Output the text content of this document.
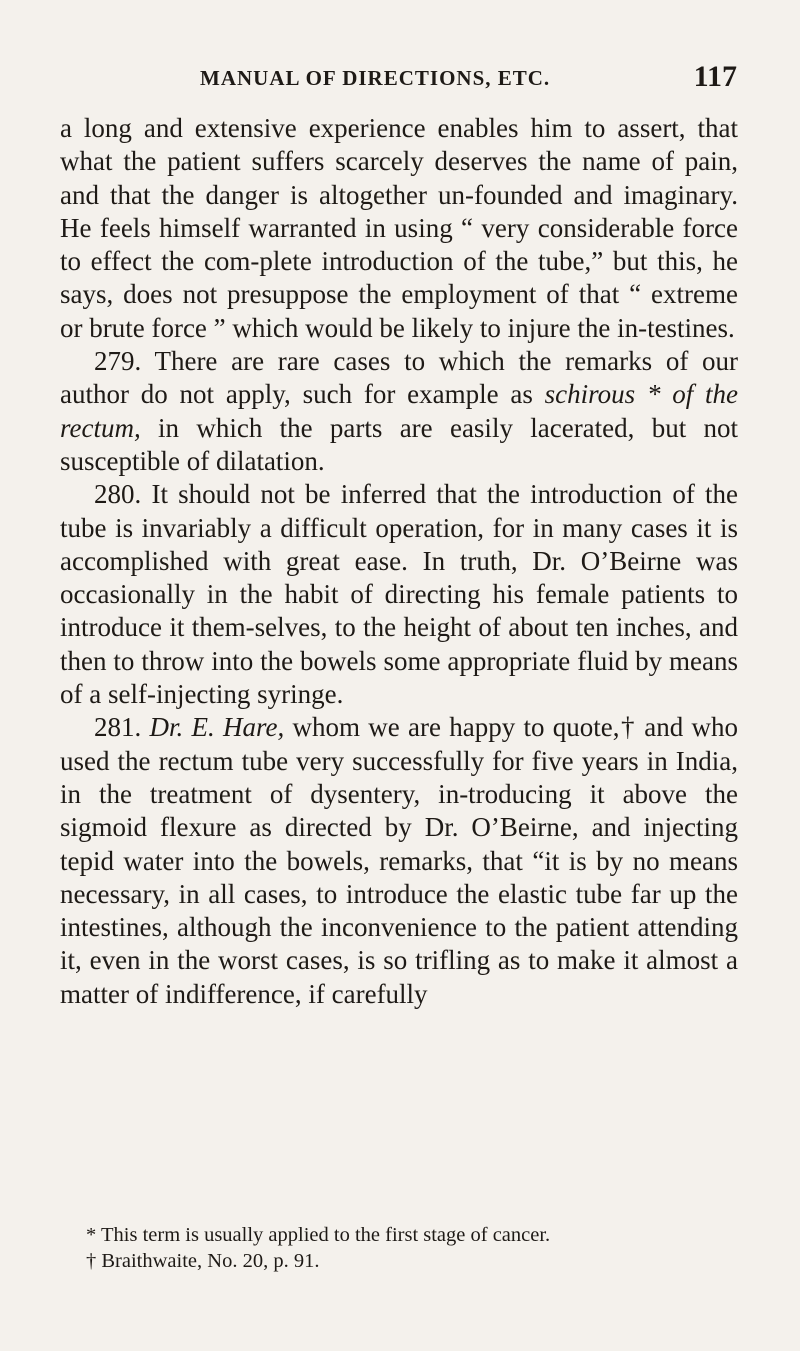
MANUAL OF DIRECTIONS, ETC.	117

a long and extensive experience enables him to assert, that what the patient suffers scarcely deserves the name of pain, and that the danger is altogether un-founded and imaginary. He feels himself warranted in using “ very considerable force to effect the com-plete introduction of the tube,” but this, he says, does not presuppose the employment of that “ extreme or brute force ” which would be likely to injure the in-testines.

279. There are rare cases to which the remarks of our author do not apply, such for example as schirous * of the rectum, in which the parts are easily lacerated, but not susceptible of dilatation.

280. It should not be inferred that the introduction of the tube is invariably a difficult operation, for in many cases it is accomplished with great ease. In truth, Dr. O’Beirne was occasionally in the habit of directing his female patients to introduce it them-selves, to the height of about ten inches, and then to throw into the bowels some appropriate fluid by means of a self-injecting syringe.

281. Dr. E. Hare, whom we are happy to quote,† and who used the rectum tube very successfully for five years in India, in the treatment of dysentery, in-troducing it above the sigmoid flexure as directed by Dr. O’Beirne, and injecting tepid water into the bowels, remarks, that “it is by no means necessary, in all cases, to introduce the elastic tube far up the intestines, although the inconvenience to the patient attending it, even in the worst cases, is so trifling as to make it almost a matter of indifference, if carefully

* This term is usually applied to the first stage of cancer.

† Braithwaite, No. 20, p. 91.
